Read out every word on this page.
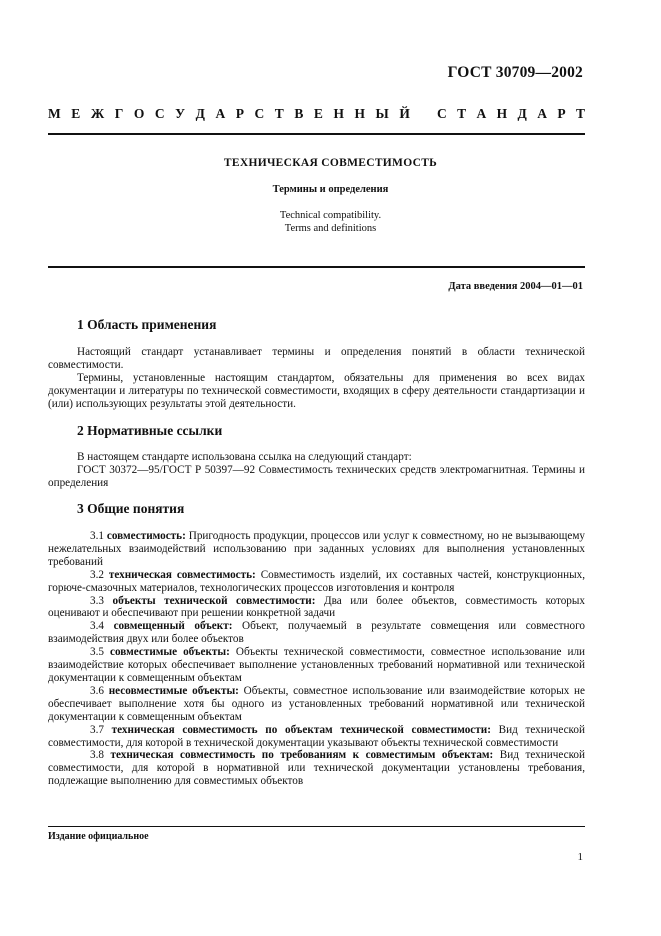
ГОСТ 30709—2002
М Е Ж Г О С У Д А Р С Т В Е Н Н Ы Й С Т А Н Д А Р Т
ТЕХНИЧЕСКАЯ СОВМЕСТИМОСТЬ
Термины и определения
Technical compatibility.
Terms and definitions
Дата введения 2004—01—01
1 Область применения

Настоящий стандарт устанавливает термины и определения понятий в области технической совместимости.

Термины, установленные настоящим стандартом, обязательны для применения во всех видах документации и литературы по технической совместимости, входящих в сферу деятельности стандартизации и (или) использующих результаты этой деятельности.

2 Нормативные ссылки

В настоящем стандарте использована ссылка на следующий стандарт:

ГОСТ 30372—95/ГОСТ Р 50397—92 Совместимость технических средств электромагнитная. Термины и определения

3 Общие понятия

3.1 совместимость: Пригодность продукции, процессов или услуг к совместному, но не вызывающему нежелательных взаимодействий использованию при заданных условиях для выполнения установленных требований

3.2 техническая совместимость: Совместимость изделий, их составных частей, конструкционных, горюче-смазочных материалов, технологических процессов изготовления и контроля

3.3 объекты технической совместимости: Два или более объектов, совместимость которых оценивают и обеспечивают при решении конкретной задачи

3.4 совмещенный объект: Объект, получаемый в результате совмещения или совместного взаимодействия двух или более объектов

3.5 совместимые объекты: Объекты технической совместимости, совместное использование или взаимодействие которых обеспечивает выполнение установленных требований нормативной или технической документации к совмещенным объектам

3.6 несовместимые объекты: Объекты, совместное использование или взаимодействие которых не обеспечивает выполнение хотя бы одного из установленных требований нормативной или технической документации к совмещенным объектам

3.7 техническая совместимость по объектам технической совместимости: Вид технической совместимости, для которой в технической документации указывают объекты технической совместимости

3.8 техническая совместимость по требованиям к совместимым объектам: Вид технической совместимости, для которой в нормативной или технической документации установлены требования, подлежащие выполнению для совместимых объектов

Издание официальное
1
